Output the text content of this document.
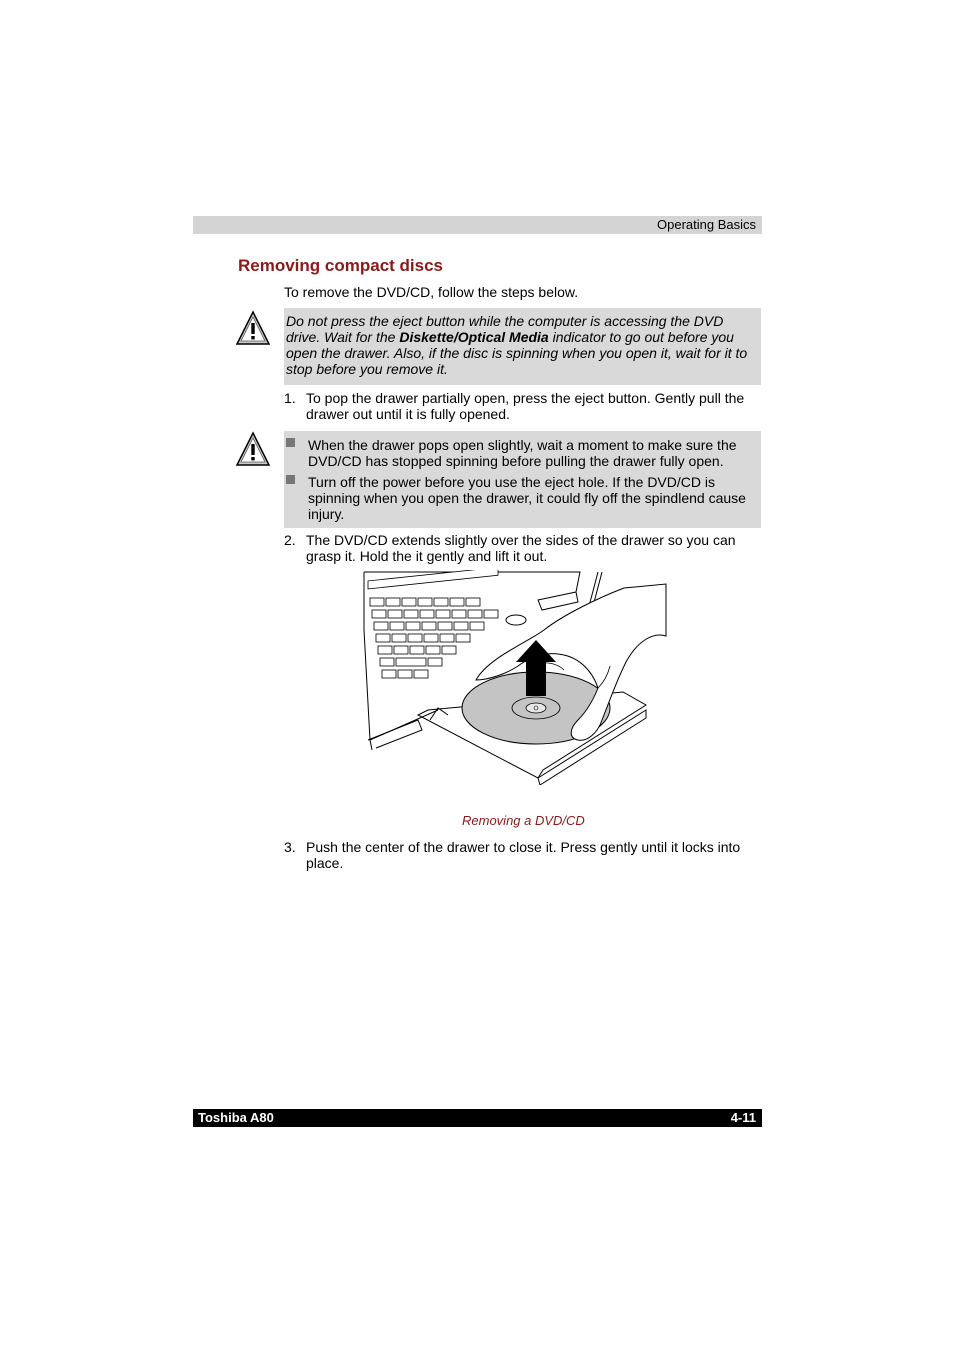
Operating Basics
Removing compact discs
To remove the DVD/CD, follow the steps below.
Do not press the eject button while the computer is accessing the DVD drive. Wait for the Diskette/Optical Media indicator to go out before you open the drawer. Also, if the disc is spinning when you open it, wait for it to stop before you remove it.
1. To pop the drawer partially open, press the eject button. Gently pull the drawer out until it is fully opened.
When the drawer pops open slightly, wait a moment to make sure the DVD/CD has stopped spinning before pulling the drawer fully open.
Turn off the power before you use the eject hole. If the DVD/CD is spinning when you open the drawer, it could fly off the spindlend cause injury.
2. The DVD/CD extends slightly over the sides of the drawer so you can grasp it. Hold the it gently and lift it out.
Removing a DVD/CD
3. Push the center of the drawer to close it. Press gently until it locks into place.
Toshiba A80	4-11
